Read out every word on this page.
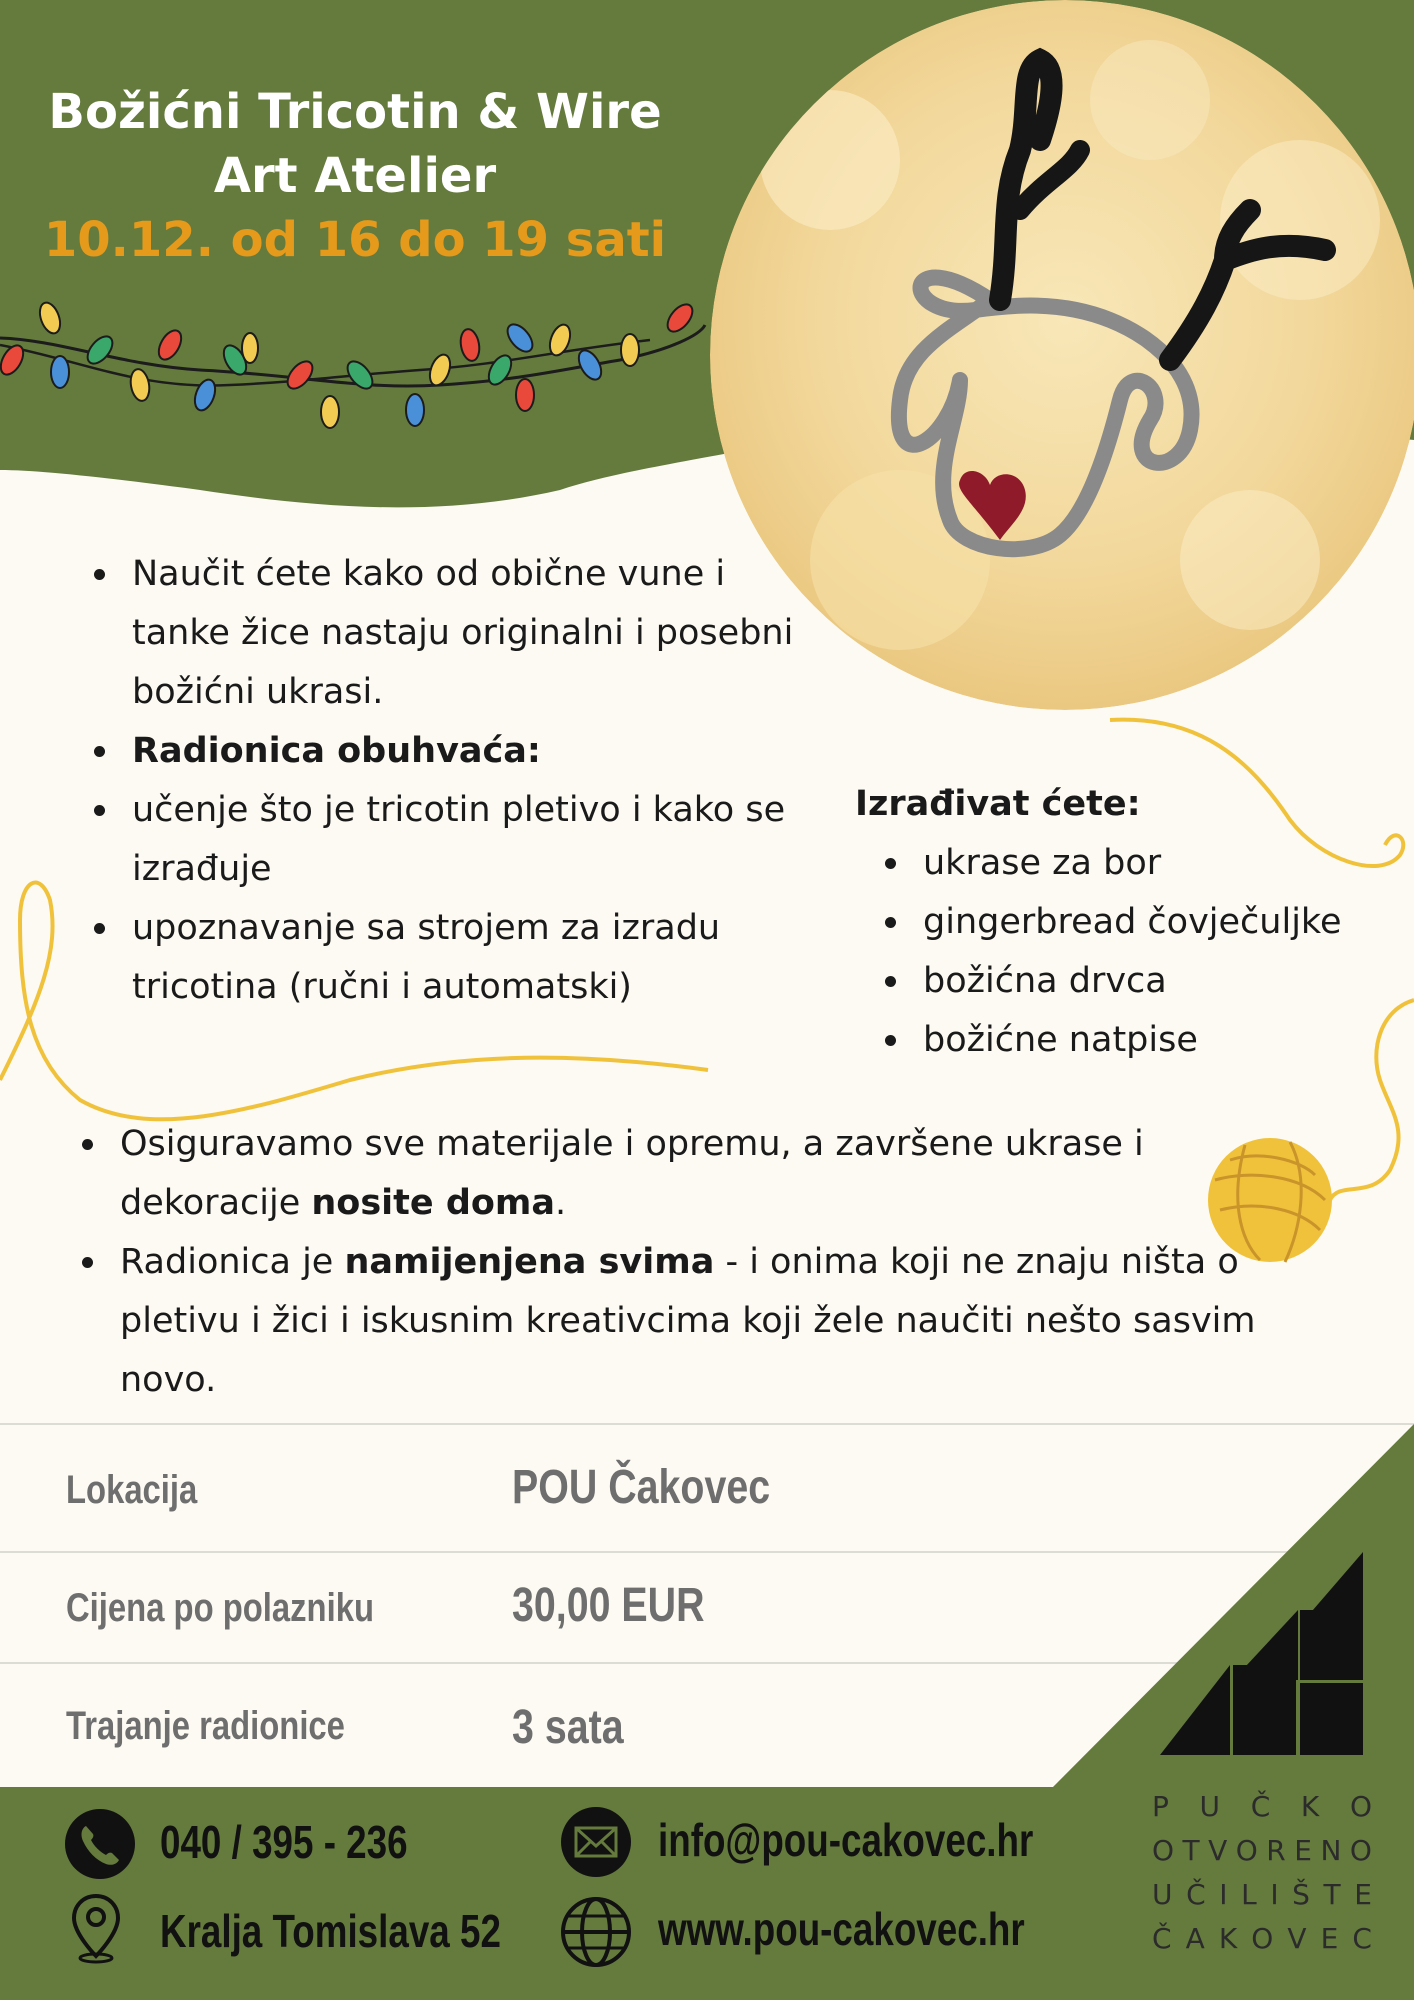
Božićni Tricotin & Wire
Art Atelier
10.12. od 16 do 19 sati
Naučit ćete kako od obične vune i tanke žice nastaju originalni i posebni božićni ukrasi.
Radionica obuhvaća:
učenje što je tricotin pletivo i kako se izrađuje
upoznavanje sa strojem za izradu tricotina (ručni i automatski)
Izrađivat ćete:
ukrase za bor
gingerbread čovječuljke
božićna drvca
božićne natpise
Osiguravamo sve materijale i opremu, a završene ukrase i dekoracije nosite doma.
Radionica je namijenjena svima - i onima koji ne znaju ništa o pletivu i žici i iskusnim kreativcima koji žele naučiti nešto sasvim novo.
Lokacija	POU Čakovec
Cijena po polazniku	30,00 EUR
Trajanje radionice	3 sata
040 / 395 - 236
Kralja Tomislava 52
info@pou-cakovec.hr
www.pou-cakovec.hr
P U Č K O
O T V O R E N O
U Č I L I Š T E
Č A K O V E C
